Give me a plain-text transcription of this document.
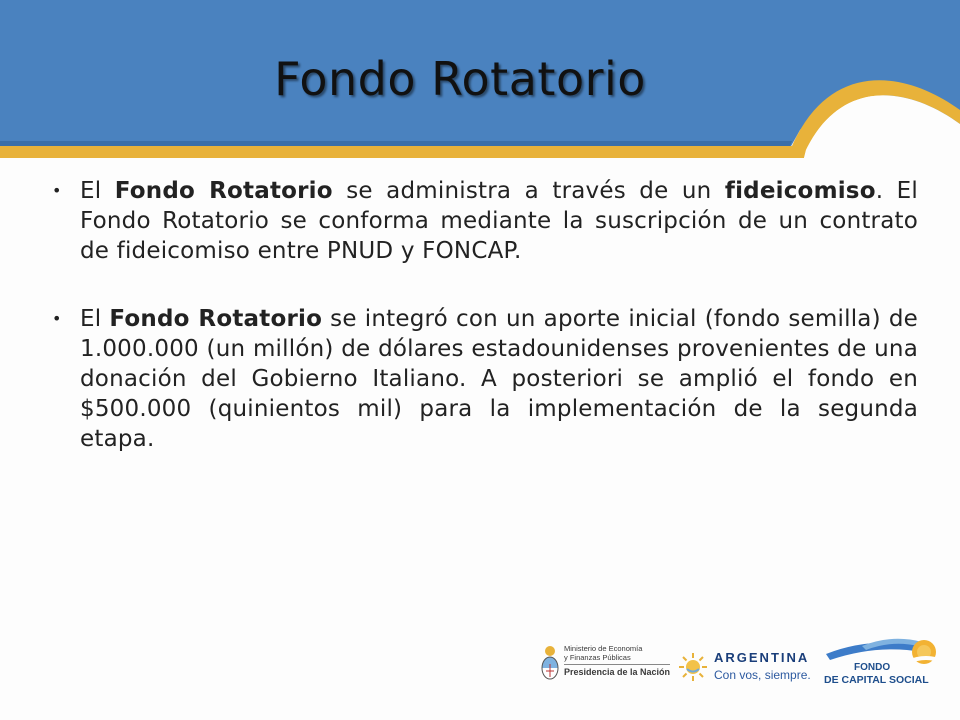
Fondo Rotatorio
• El Fondo Rotatorio se administra a través de un fideicomiso. El Fondo Rotatorio se conforma mediante la suscripción de un contrato de fideicomiso entre PNUD y FONCAP.
• El Fondo Rotatorio se integró con un aporte inicial (fondo semilla) de 1.000.000 (un millón) de dólares estadounidenses provenientes de una donación del Gobierno Italiano. A posteriori se amplió el fondo en $500.000 (quinientos mil) para la implementación de la segunda etapa.
Ministerio de Economía
y Finanzas Públicas
Presidencia de la Nación
ARGENTINA
Con vos, siempre.
FONDO
DE CAPITAL SOCIAL
